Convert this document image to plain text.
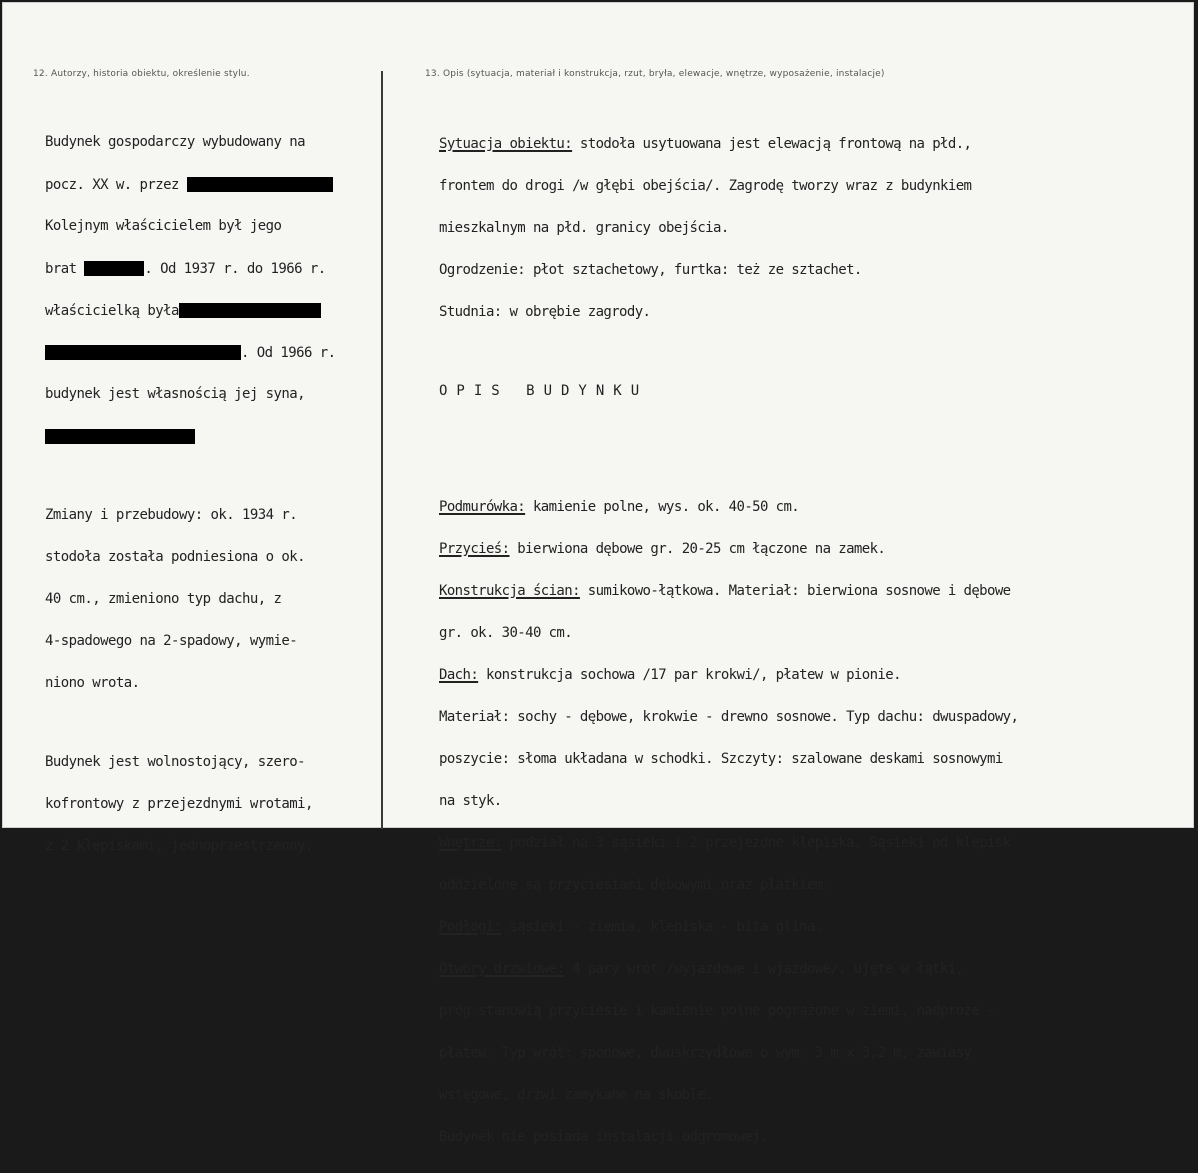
12. Autorzy, historia obiektu, określenie stylu.	13. Opis (sytuacja, materiał i konstrukcja, rzut, bryła, elewacje, wnętrze, wyposażenie, instalacje)

Budynek gospodarczy wybudowany na

pocz. XX w. przez

Kolejnym właścicielem był jego

brat	. Od 1937 r. do 1966 r.

właścicielką była

. Od 1966 r.

budynek jest własnością jej syna,

Zmiany i przebudowy: ok. 1934 r.

stodoła została podniesiona o ok.

40 cm., zmieniono typ dachu, z

4-spadowego na 2-spadowy, wymie-

niono wrota.

Budynek jest wolnostojący, szero-

kofrontowy z przejezdnymi wrotami,

z 2 klepiskami, jednoprzestrzenny.

Sytuacja obiektu: stodoła usytuowana jest elewacją frontową na płd.,

frontem do drogi /w głębi obejścia/. Zagrodę tworzy wraz z budynkiem

mieszkalnym na płd. granicy obejścia.

Ogrodzenie: płot sztachetowy, furtka: też ze sztachet.

Studnia: w obrębie zagrody.

OPIS BUDYNKU

Podmurówka: kamienie polne, wys. ok. 40-50 cm.

Przycieś: bierwiona dębowe gr. 20-25 cm łączone na zamek.

Konstrukcja ścian: sumikowo-łątkowa. Materiał: bierwiona sosnowe i dębowe

gr. ok. 30-40 cm.

Dach: konstrukcja sochowa /17 par krokwi/, płatew w pionie.

Materiał: sochy - dębowe, krokwie - drewno sosnowe. Typ dachu: dwuspadowy,

poszycie: słoma układana w schodki. Szczyty: szalowane deskami sosnowymi

na styk.

Wnętrze: podział na 3 sąsieki i 2 przejezdne klepiska. Sąsieki od klepisk

oddzielone są przyciesiami dębowymi oraz płatkiem.

Podłogi: sąsieki - ziemia, klepiska - bita glina.

Otwory drzwiowe: 4 pary wrót /wyjazdowe i wjazdowe/, ujęte w łątki,

próg stanowią przyciesie i kamienie polne pogrążone w ziemi, nadproże -

płatew. Typ wrót: sponowe, dwuskrzydłowe o wym. 3 m x 3,2 m, zawiasy

wstęgowe, drzwi zamykane na skoble.

Budynek nie posiada instalacji odgromowej.
